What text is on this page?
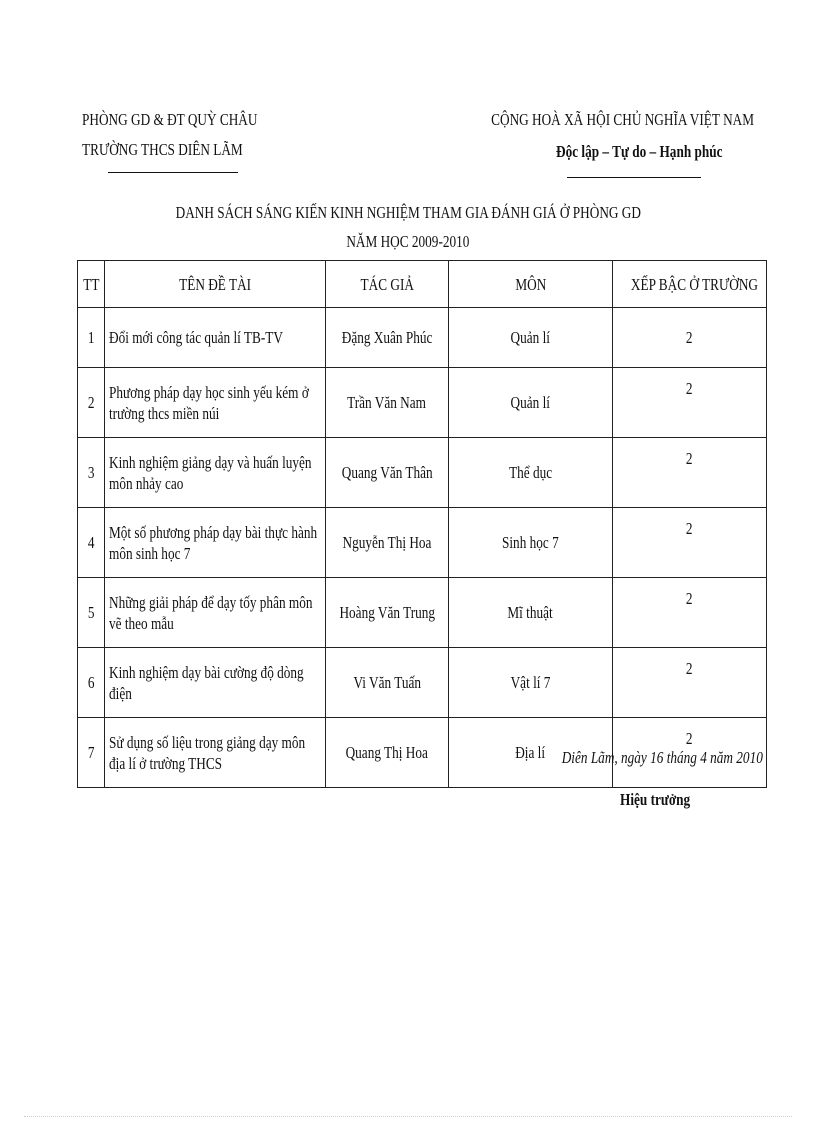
PHÒNG GD & ĐT QUỲ CHÂU
TRƯỜNG THCS DIÊN LÃM
CỘNG HOÀ XÃ HỘI CHỦ NGHĨA VIỆT NAM
Độc lập – Tự do – Hạnh phúc
DANH SÁCH SÁNG KIẾN KINH NGHIỆM THAM GIA ĐÁNH GIÁ Ở PHÒNG GD
NĂM HỌC 2009-2010
TT	TÊN ĐỀ TÀI	TÁC GIẢ	MÔN	XẾP BẬC Ở TRƯỜNG
1	Đổi mới công tác quản lí TB-TV	Đặng Xuân Phúc	Quản lí	2
2	Phương pháp dạy học sinh yếu kém ở trường thcs miền núi	Trần Văn Nam	Quản lí	2
3	Kinh nghiệm giảng dạy và huấn luyện môn nhảy cao	Quang Văn Thân	Thể dục	2
4	Một số phương pháp dạy bài thực hành môn sinh học 7	Nguyễn Thị Hoa	Sinh học 7	2
5	Những giải pháp để dạy tốy phân môn vẽ theo mẫu	Hoàng Văn Trung	Mĩ thuật	2
6	Kinh nghiệm dạy bài cường độ dòng điện	Vi Văn Tuấn	Vật lí 7	2
7	Sử dụng số liệu trong giảng dạy môn địa lí ở trường THCS	Quang Thị Hoa	Địa lí	2
Diên Lãm, ngày 16 tháng 4 năm 2010
Hiệu trưởng
